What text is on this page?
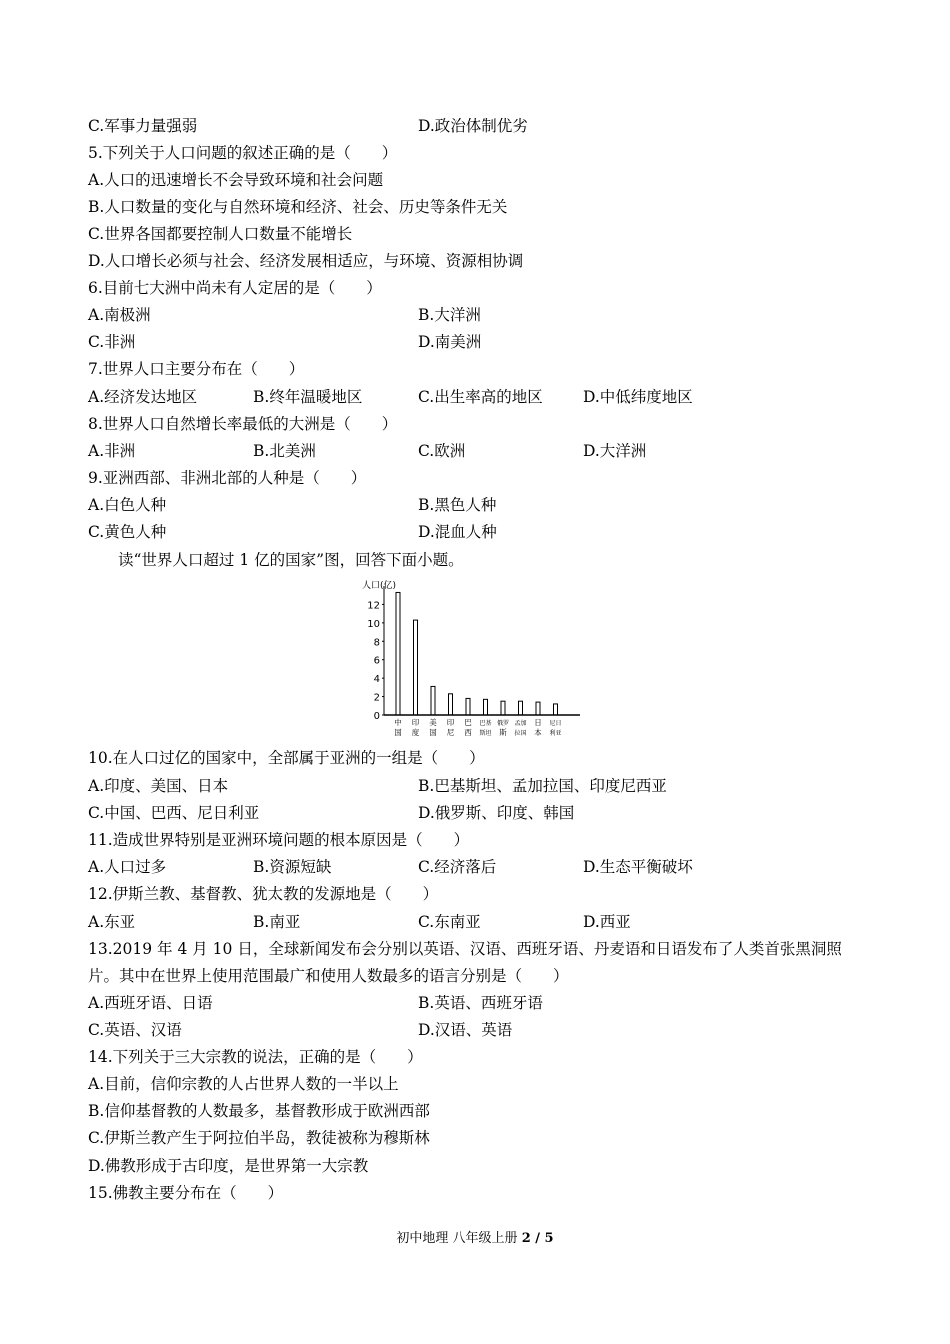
C.军事力量强弱	D.政治体制优劣
5.下列关于人口问题的叙述正确的是（　　）
A.人口的迅速增长不会导致环境和社会问题
B.人口数量的变化与自然环境和经济、社会、历史等条件无关
C.世界各国都要控制人口数量不能增长
D.人口增长必须与社会、经济发展相适应，与环境、资源相协调
6.目前七大洲中尚未有人定居的是（　　）
A.南极洲	B.大洋洲
C.非洲	D.南美洲
7.世界人口主要分布在（　　）
A.经济发达地区	B.终年温暖地区	C.出生率高的地区	D.中低纬度地区
8.世界人口自然增长率最低的大洲是（　　）
A.非洲	B.北美洲	C.欧洲	D.大洋洲
9.亚洲西部、非洲北部的人种是（　　）
A.白色人种	B.黑色人种
C.黄色人种	D.混血人种
读“世界人口超过 1 亿的国家”图，回答下面小题。
人口(亿)
0
2
4
6
8
10
12
中
国
印
度
美
国
印
尼
巴
西
巴基
斯坦
俄罗
斯
孟加
拉国
日
本
尼日
利亚
10.在人口过亿的国家中，全部属于亚洲的一组是（　　）
A.印度、美国、日本	B.巴基斯坦、孟加拉国、印度尼西亚
C.中国、巴西、尼日利亚	D.俄罗斯、印度、韩国
11.造成世界特别是亚洲环境问题的根本原因是（　　）
A.人口过多	B.资源短缺	C.经济落后	D.生态平衡破坏
12.伊斯兰教、基督教、犹太教的发源地是（　　）
A.东亚	B.南亚	C.东南亚	D.西亚
13.2019 年 4 月 10 日，全球新闻发布会分别以英语、汉语、西班牙语、丹麦语和日语发布了人类首张黑洞照
片。其中在世界上使用范围最广和使用人数最多的语言分别是（　　）
A.西班牙语、日语	B.英语、西班牙语
C.英语、汉语	D.汉语、英语
14.下列关于三大宗教的说法，正确的是（　　）
A.目前，信仰宗教的人占世界人数的一半以上
B.信仰基督教的人数最多，基督教形成于欧洲西部
C.伊斯兰教产生于阿拉伯半岛，教徒被称为穆斯林
D.佛教形成于古印度，是世界第一大宗教
15.佛教主要分布在（　　）
初中地理 八年级上册 2 / 5
